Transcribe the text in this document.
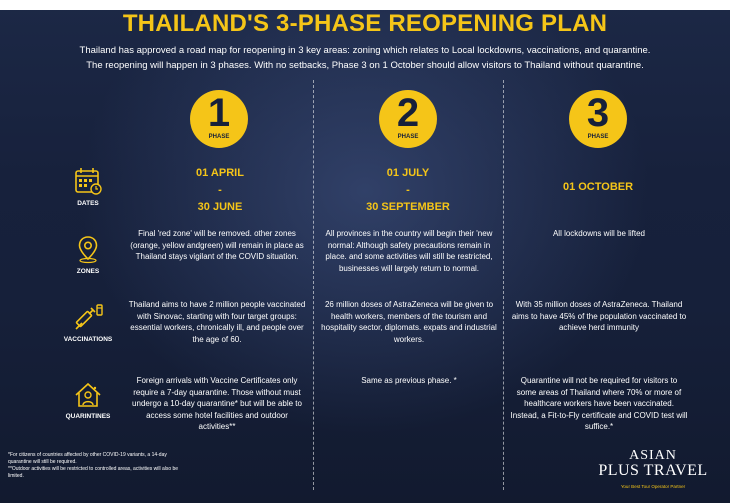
THAILAND'S 3-PHASE REOPENING PLAN
Thailand has approved a road map for reopening in 3 key areas: zoning which relates to Local lockdowns, vaccinations, and quarantine.
The reopening will happen in 3 phases. With no setbacks, Phase 3 on 1 October should allow visitors to Thailand without quarantine.
1
PHASE
2
PHASE
3
PHASE
DATES
ZONES
VACCINATIONS
QUARINTINES
01 APRIL
-
30 JUNE
01 JULY
-
30 SEPTEMBER
01 OCTOBER
Final 'red zone' will be removed. other zones (orange, yellow andgreen) will remain in place as Thailand stays vigilant of the COVID situation.
All provinces in the country will begin their 'new normal: Although safety precautions remain in place. and some activities will still be restricted, businesses will largely return to normal.
All lockdowns will be lifted
Thailand aims to have 2 million people vaccinated with Sinovac, starting with four target groups: essential workers, chronically ill, and people over the age of 60.
26 million doses of AstraZeneca will be given to health workers, members of the tourism and hospitality sector, diplomats. expats and industrial workers.
With 35 million doses of AstraZeneca. Thailand aims to have 45% of the population vaccinated to achieve herd immunity
Foreign arrivals with Vaccine Certificates only require a 7-day quarantine. Those without must undergo a 10-day quarantine* but will be able to access some hotel facilities and outdoor activities**
Same as previous phase. *	Quarantine will not be required for visitors to some areas of Thailand where 70% or more of healthcare workers have been vaccinated. Instead, a Fit-to-Fly certificate and COVID test will suffice.*
*For citizens of countries affected by other COVID-19 variants, a 14-day quarantine will still be required.
**Outdoor activities will be restricted to controlled areas, activities will also be limited.
ASIAN
PLUS TRAVEL
Your Best Tour Operator Partner
